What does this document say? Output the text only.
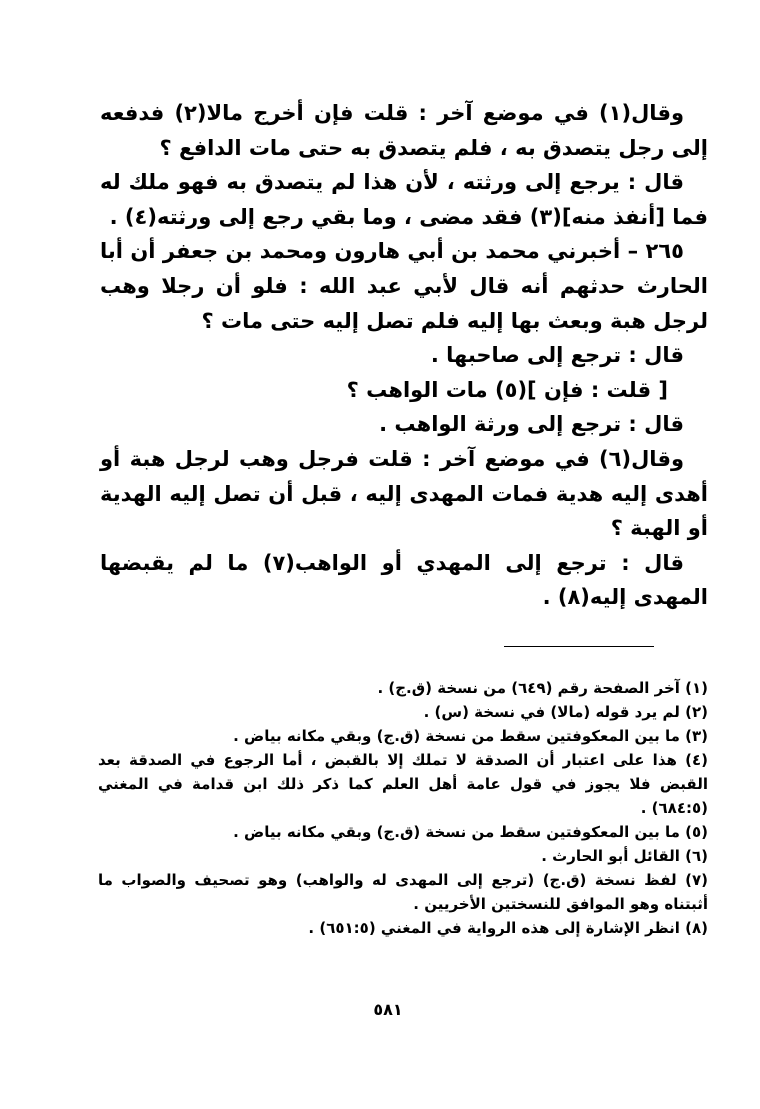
وقال(١) في موضع آخر : قلت فإن أخرج مالا(٢) فدفعه إلى رجل يتصدق به ، فلم يتصدق به حتى مات الدافع ؟

قال : يرجع إلى ورثته ، لأن هذا لم يتصدق به فهو ملك له فما [أنفذ منه](٣) فقد مضى ، وما بقي رجع إلى ورثته(٤) .

٢٦٥ – أخبرني محمد بن أبي هارون ومحمد بن جعفر أن أبا الحارث حدثهم أنه قال لأبي عبد الله : فلو أن رجلا وهب لرجل هبة وبعث بها إليه فلم تصل إليه حتى مات ؟

قال : ترجع إلى صاحبها .

[ قلت : فإن ](٥) مات الواهب ؟

قال : ترجع إلى ورثة الواهب .

وقال(٦) في موضع آخر : قلت فرجل وهب لرجل هبة أو أهدى إليه هدية فمات المهدى إليه ، قبل أن تصل إليه الهدية أو الهبة ؟

قال : ترجع إلى المهدي أو الواهب(٧) ما لم يقبضها المهدى إليه(٨) .

(١) آخر الصفحة رقم (٦٤٩) من نسخة (ق.ج) .

(٢) لم يرد قوله (مالا) في نسخة (س) .

(٣) ما بين المعكوفتين سقط من نسخة (ق.ج) وبقي مكانه بياض .

(٤) هذا على اعتبار أن الصدقة لا تملك إلا بالقبض ، أما الرجوع في الصدقة بعد القبض فلا يجوز في قول عامة أهل العلم كما ذكر ذلك ابن قدامة في المغني (٦٨٤:٥) .

(٥) ما بين المعكوفتين سقط من نسخة (ق.ج) وبقي مكانه بياض .

(٦) القائل أبو الحارث .

(٧) لفظ نسخة (ق.ج) (ترجع إلى المهدى له والواهب) وهو تصحيف والصواب ما أثبتناه وهو الموافق للنسختين الأخريين .

(٨) انظر الإشارة إلى هذه الرواية في المغني (٦٥١:٥) .

٥٨١
